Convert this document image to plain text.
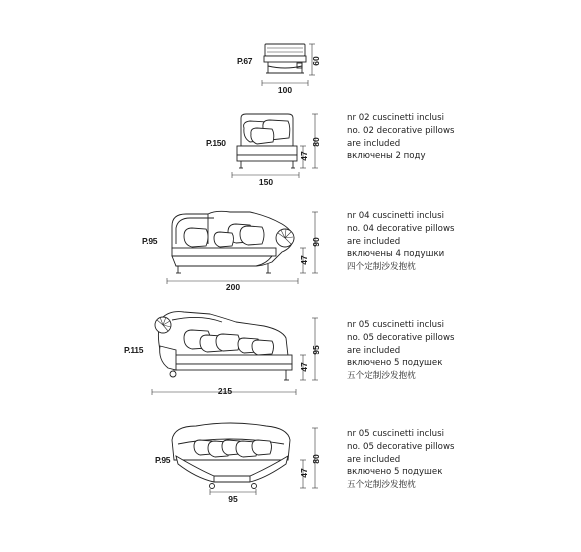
P.67
100
60
P.150
150
47
80
nr 02 cuscinetti inclusi
no. 02 decorative pillows
are included
включены 2 поду
P.95
200
47
90
nr 04 cuscinetti inclusi
no. 04 decorative pillows
are included
включены 4 подушки
四个定制沙发抱枕
P.115
215
47
95
nr 05 cuscinetti inclusi
no. 05 decorative pillows
are included
включено 5 подушек
五个定制沙发抱枕
P.95
95
47
80
nr 05 cuscinetti inclusi
no. 05 decorative pillows
are included
включено 5 подушек
五个定制沙发抱枕
